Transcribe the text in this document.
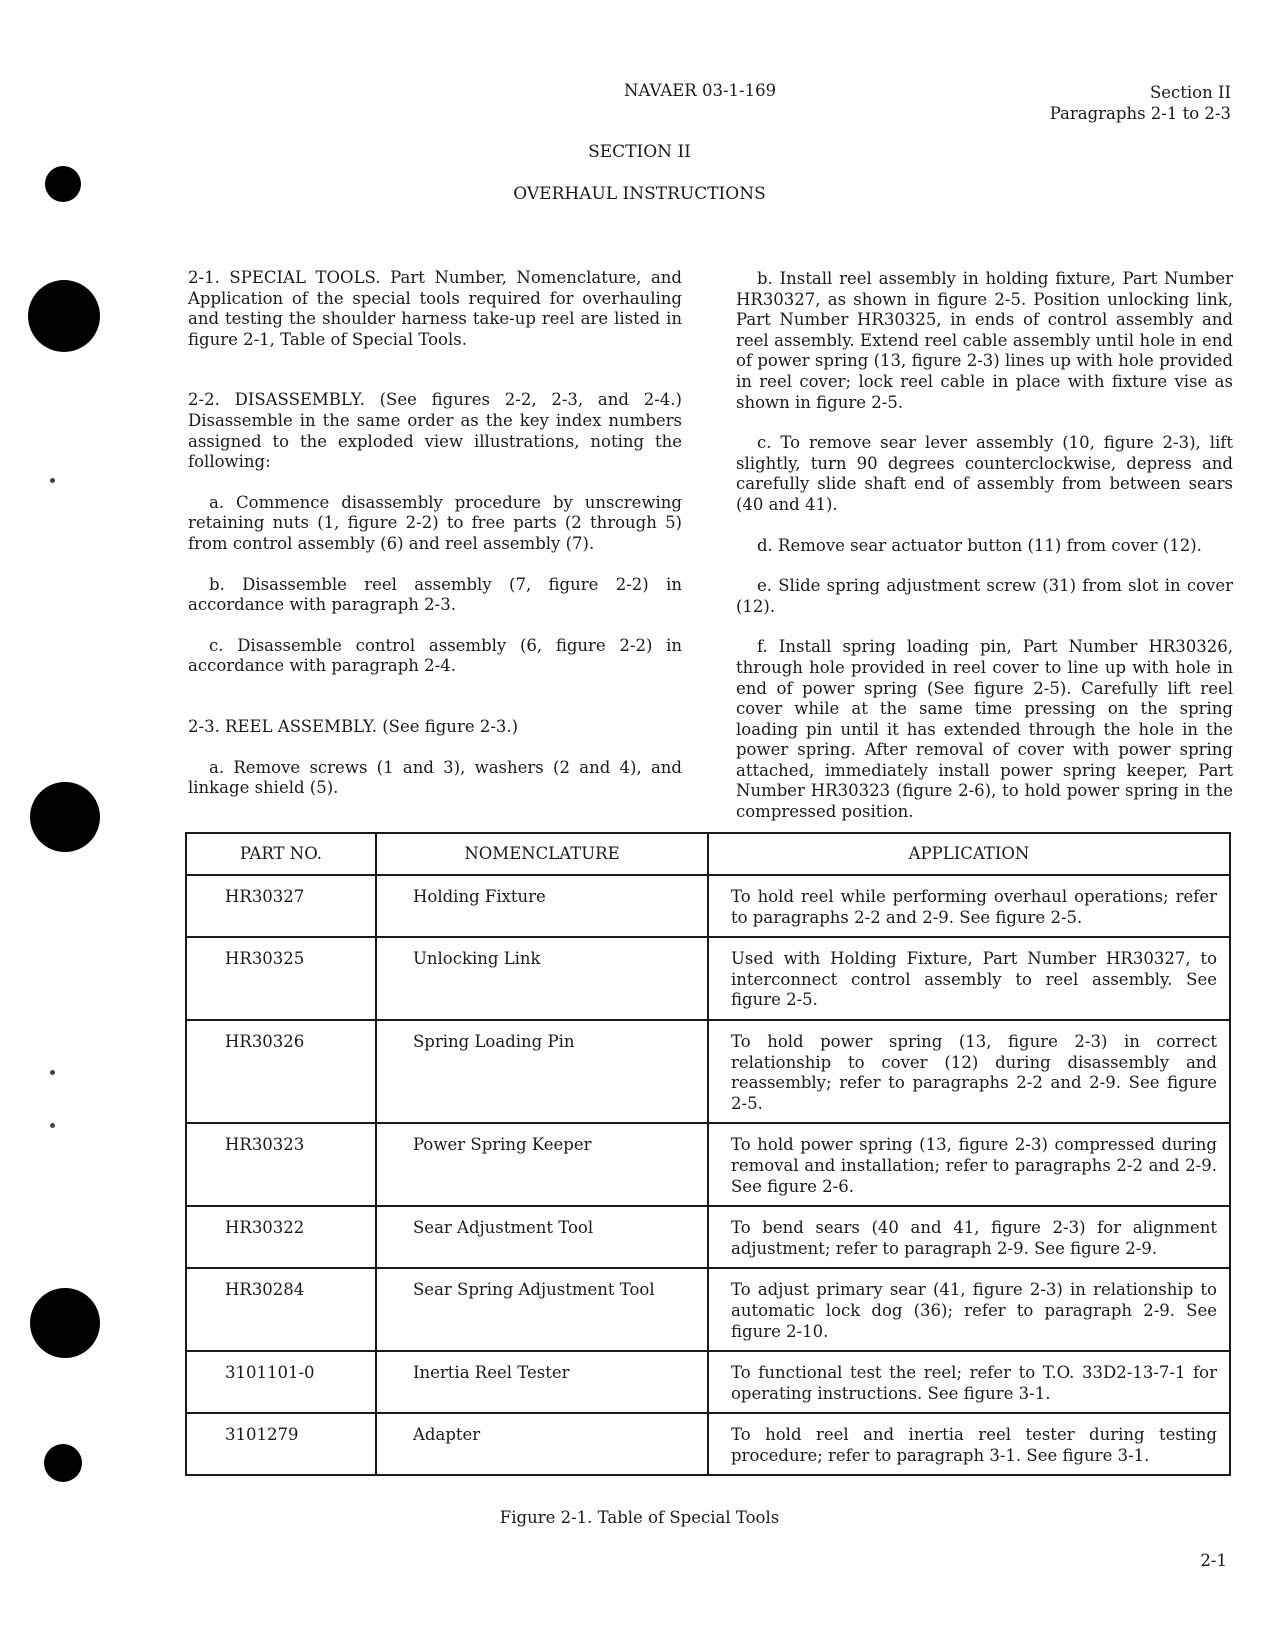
NAVAER 03-1-169	Section II
Paragraphs 2-1 to 2-3
SECTION II
OVERHAUL INSTRUCTIONS

2-1. SPECIAL TOOLS. Part Number, Nomenclature, and Application of the special tools required for overhauling and testing the shoulder harness take-up reel are listed in figure 2-1, Table of Special Tools.

2-2. DISASSEMBLY. (See figures 2-2, 2-3, and 2-4.) Disassemble in the same order as the key index numbers assigned to the exploded view illustrations, noting the following:

a. Commence disassembly procedure by unscrewing retaining nuts (1, figure 2-2) to free parts (2 through 5) from control assembly (6) and reel assembly (7).

b. Disassemble reel assembly (7, figure 2-2) in accordance with paragraph 2-3.

c. Disassemble control assembly (6, figure 2-2) in accordance with paragraph 2-4.

2-3. REEL ASSEMBLY. (See figure 2-3.)

a. Remove screws (1 and 3), washers (2 and 4), and linkage shield (5).

b. Install reel assembly in holding fixture, Part Number HR30327, as shown in figure 2-5. Position unlocking link, Part Number HR30325, in ends of control assembly and reel assembly. Extend reel cable assembly until hole in end of power spring (13, figure 2-3) lines up with hole provided in reel cover; lock reel cable in place with fixture vise as shown in figure 2-5.

c. To remove sear lever assembly (10, figure 2-3), lift slightly, turn 90 degrees counterclockwise, depress and carefully slide shaft end of assembly from between sears (40 and 41).

d. Remove sear actuator button (11) from cover (12).

e. Slide spring adjustment screw (31) from slot in cover (12).

f. Install spring loading pin, Part Number HR30326, through hole provided in reel cover to line up with hole in end of power spring (See figure 2-5). Carefully lift reel cover while at the same time pressing on the spring loading pin until it has extended through the hole in the power spring. After removal of cover with power spring attached, immediately install power spring keeper, Part Number HR30323 (figure 2-6), to hold power spring in the compressed position.

PART NO.	NOMENCLATURE	APPLICATION
HR30327	Holding Fixture	To hold reel while performing overhaul operations; refer to paragraphs 2-2 and 2-9. See figure 2-5.
HR30325	Unlocking Link	Used with Holding Fixture, Part Number HR30327, to interconnect control assembly to reel assembly. See figure 2-5.
HR30326	Spring Loading Pin	To hold power spring (13, figure 2-3) in correct relationship to cover (12) during disassembly and reassembly; refer to paragraphs 2-2 and 2-9. See figure 2-5.
HR30323	Power Spring Keeper	To hold power spring (13, figure 2-3) compressed during removal and installation; refer to paragraphs 2-2 and 2-9. See figure 2-6.
HR30322	Sear Adjustment Tool	To bend sears (40 and 41, figure 2-3) for alignment adjustment; refer to paragraph 2-9. See figure 2-9.
HR30284	Sear Spring Adjustment Tool	To adjust primary sear (41, figure 2-3) in relationship to automatic lock dog (36); refer to paragraph 2-9. See figure 2-10.
3101101-0	Inertia Reel Tester	To functional test the reel; refer to T.O. 33D2-13-7-1 for operating instructions. See figure 3-1.
3101279	Adapter	To hold reel and inertia reel tester during testing procedure; refer to paragraph 3-1. See figure 3-1.
Figure 2-1. Table of Special Tools
2-1
